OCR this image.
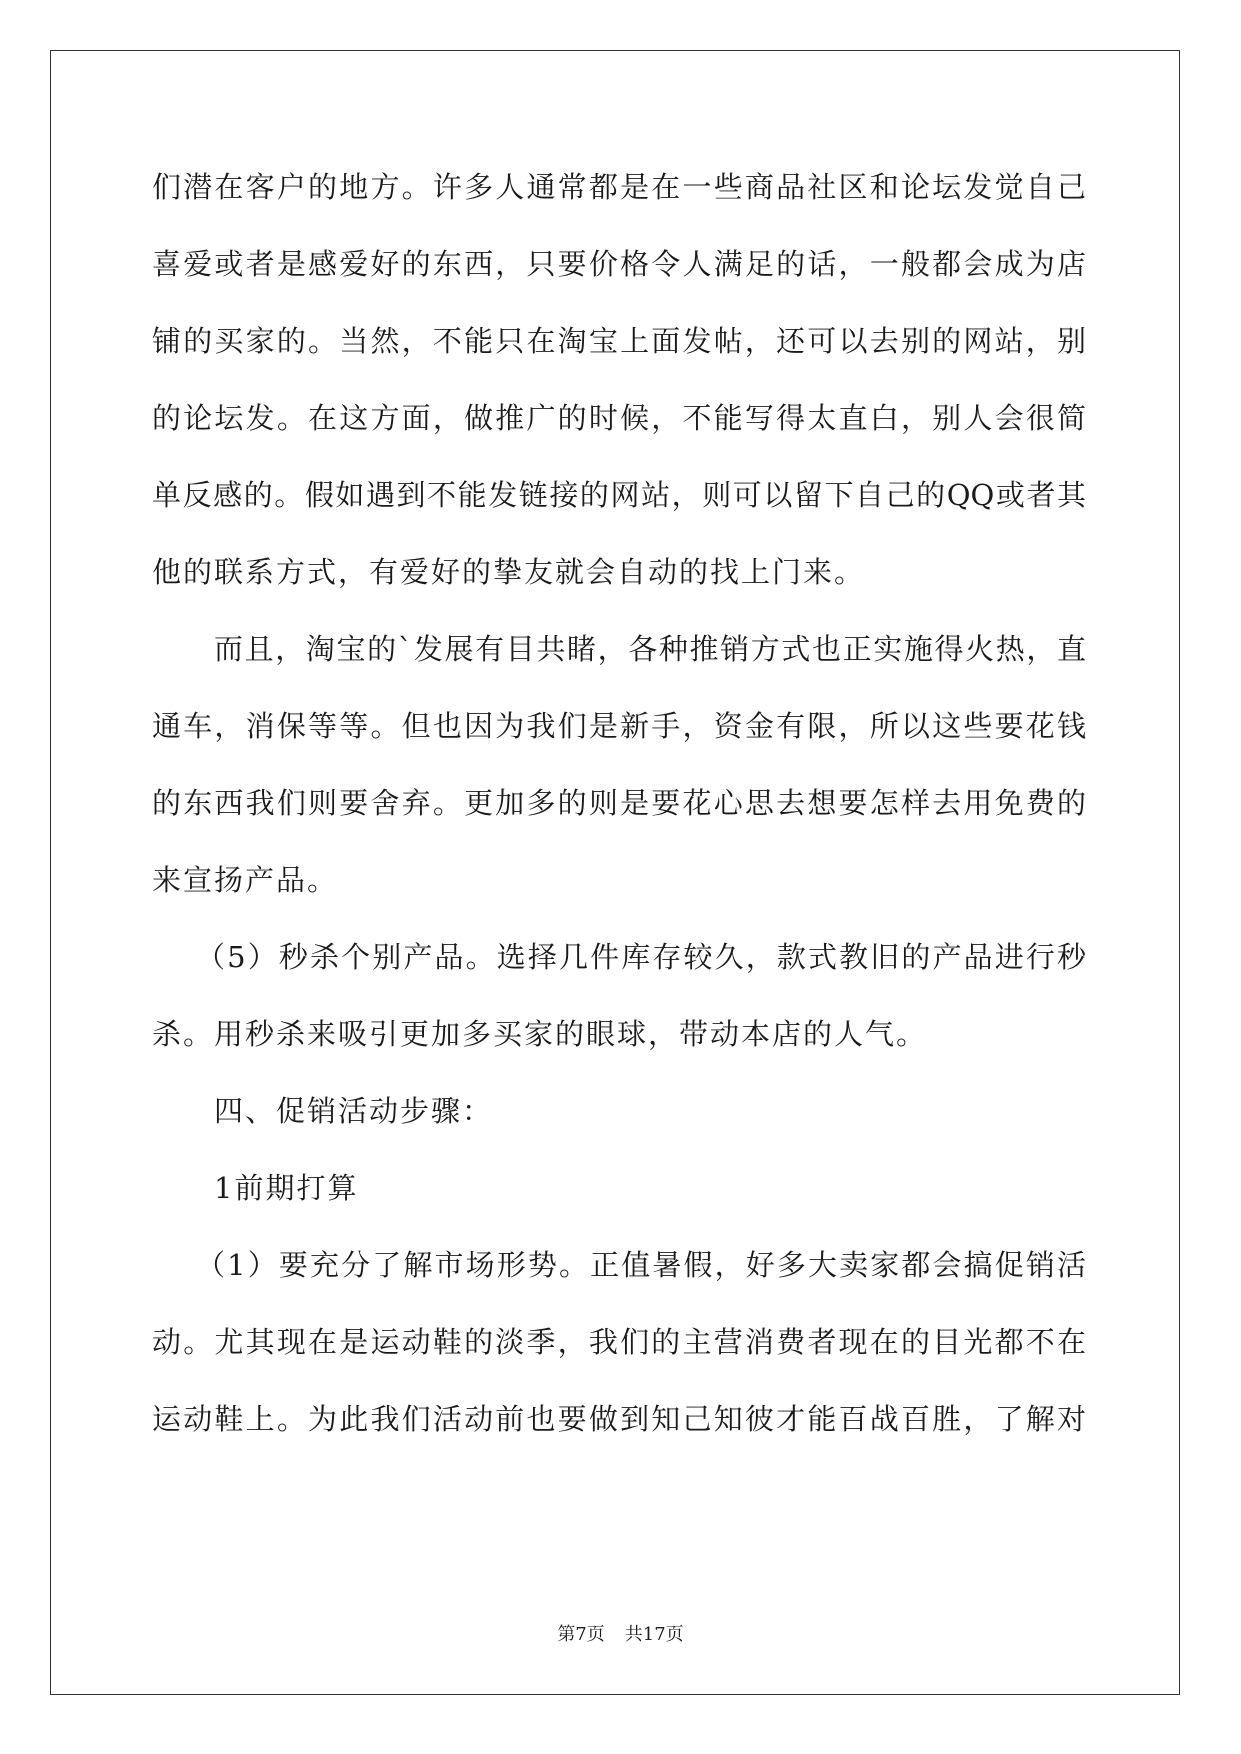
们潜在客户的地方。许多人通常都是在一些商品社区和论坛发觉自己
喜爱或者是感爱好的东西，只要价格令人满足的话，一般都会成为店
铺的买家的。当然，不能只在淘宝上面发帖，还可以去别的网站，别
的论坛发。在这方面，做推广的时候，不能写得太直白，别人会很简
单反感的。假如遇到不能发链接的网站，则可以留下自己的QQ或者其
他的联系方式，有爱好的挚友就会自动的找上门来。
而且，淘宝的`发展有目共睹，各种推销方式也正实施得火热，直
通车，消保等等。但也因为我们是新手，资金有限，所以这些要花钱
的东西我们则要舍弃。更加多的则是要花心思去想要怎样去用免费的
来宣扬产品。
（5）秒杀个别产品。选择几件库存较久，款式教旧的产品进行秒
杀。用秒杀来吸引更加多买家的眼球，带动本店的人气。
四、促销活动步骤：
1前期打算
（1）要充分了解市场形势。正值暑假，好多大卖家都会搞促销活
动。尤其现在是运动鞋的淡季，我们的主营消费者现在的目光都不在
运动鞋上。为此我们活动前也要做到知己知彼才能百战百胜，了解对
第7页 共17页
